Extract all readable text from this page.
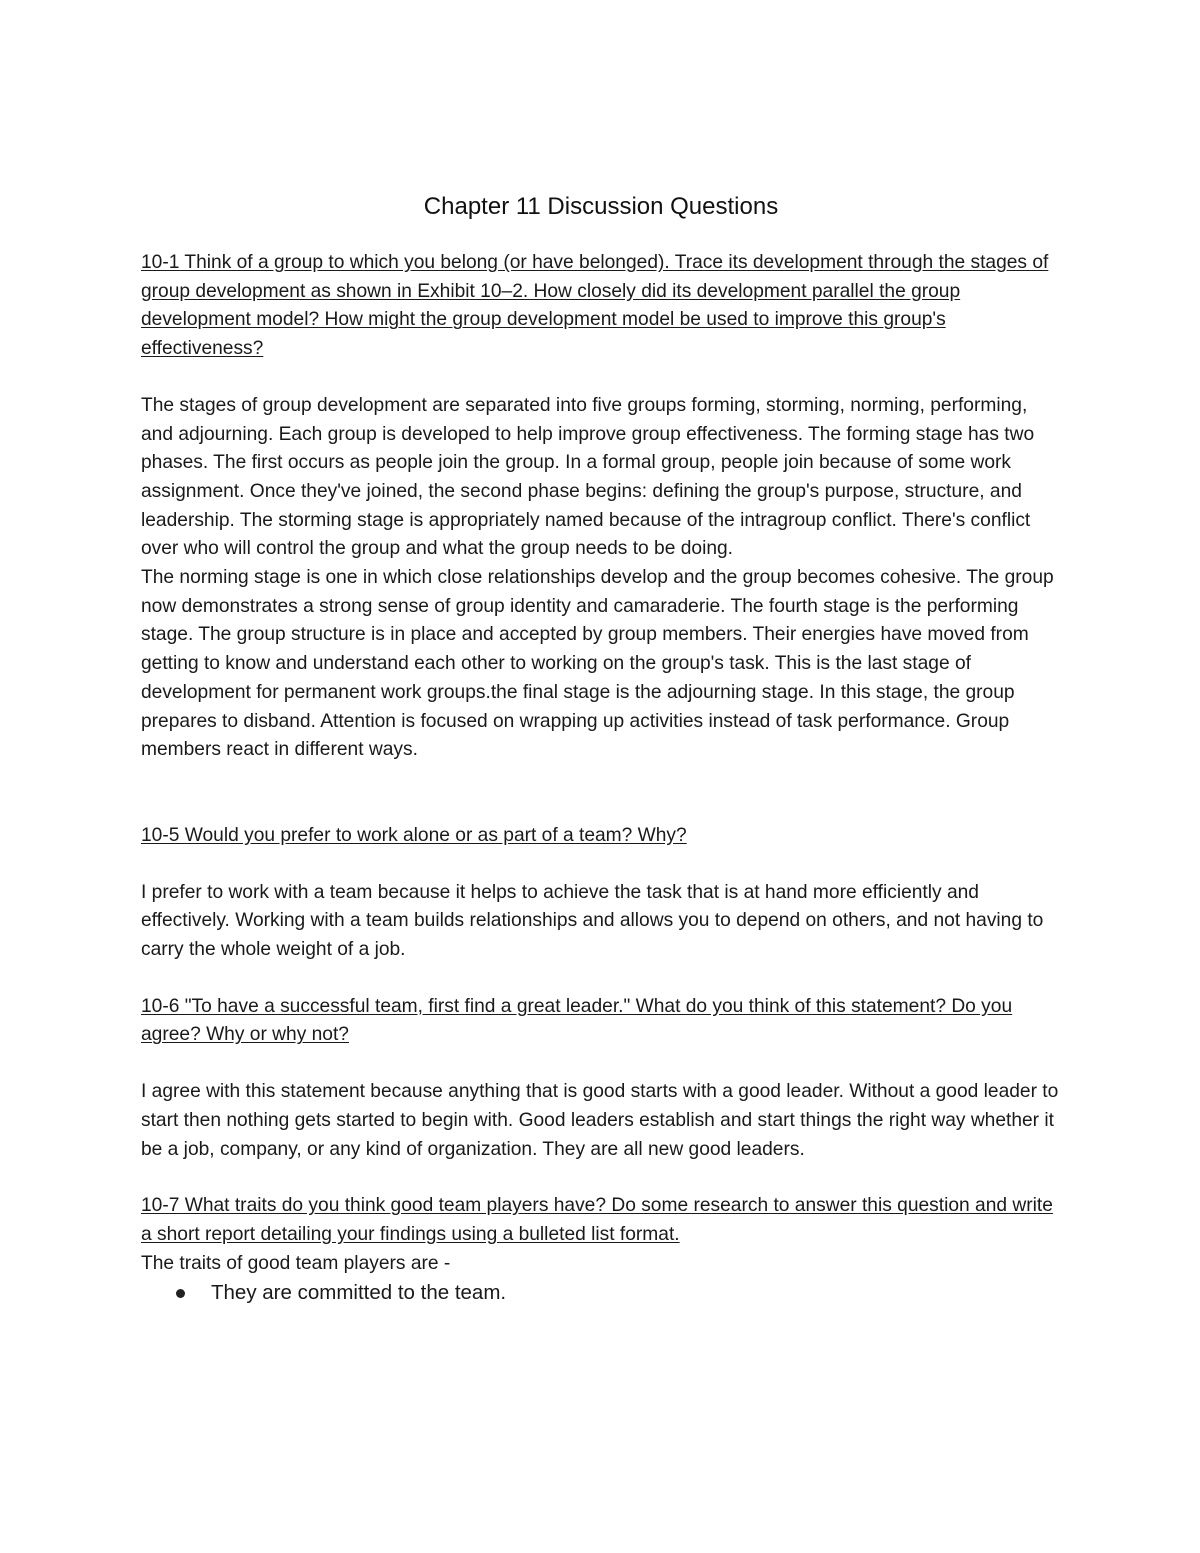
Chapter 11 Discussion Questions

10-1 Think of a group to which you belong (or have belonged). Trace its development through the stages of group development as shown in Exhibit 10–2. How closely did its development parallel the group development model? How might the group development model be used to improve this group's effectiveness?

The stages of group development are separated into five groups forming, storming, norming, performing, and adjourning. Each group is developed to help improve group effectiveness. The forming stage has two phases. The first occurs as people join the group. In a formal group, people join because of some work assignment. Once they've joined, the second phase begins: defining the group's purpose, structure, and leadership. The storming stage is appropriately named because of the intragroup conflict. There's conflict over who will control the group and what the group needs to be doing.

The norming stage is one in which close relationships develop and the group becomes cohesive. The group now demonstrates a strong sense of group identity and camaraderie. The fourth stage is the performing stage. The group structure is in place and accepted by group members. Their energies have moved from getting to know and understand each other to working on the group's task. This is the last stage of development for permanent work groups.the final stage is the adjourning stage. In this stage, the group prepares to disband. Attention is focused on wrapping up activities instead of task performance. Group members react in different ways.

10-5 Would you prefer to work alone or as part of a team? Why?

I prefer to work with a team because it helps to achieve the task that is at hand more efficiently and effectively. Working with a team builds relationships and allows you to depend on others, and not having to carry the whole weight of a job.

10-6 "To have a successful team, first find a great leader." What do you think of this statement? Do you agree? Why or why not?

I agree with this statement because anything that is good starts with a good leader. Without a good leader to start then nothing gets started to begin with. Good leaders establish and start things the right way whether it be a job, company, or any kind of organization. They are all new good leaders.

10-7 What traits do you think good team players have? Do some research to answer this question and write a short report detailing your findings using a bulleted list format.

The traits of good team players are -

They are committed to the team.
